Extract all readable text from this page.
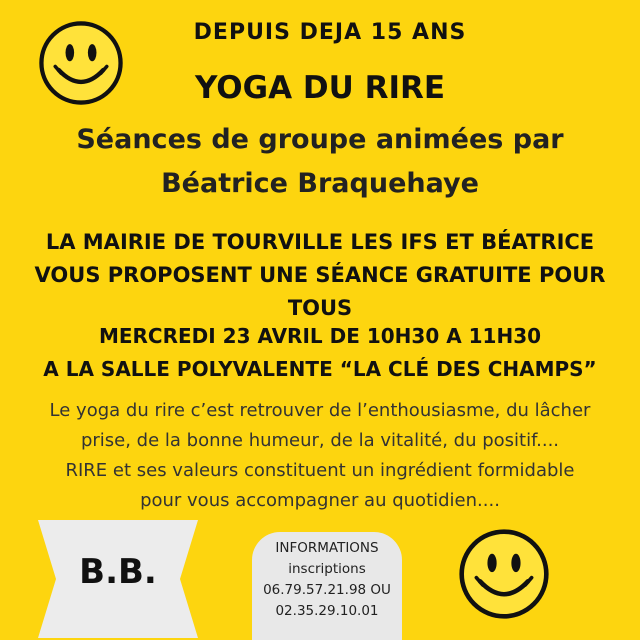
DEPUIS DEJA 15 ANS
YOGA DU RIRE
Séances de groupe animées par
Béatrice Braquehaye
LA MAIRIE DE TOURVILLE LES IFS ET BÉATRICE
VOUS PROPOSENT UNE SÉANCE GRATUITE POUR
TOUS
MERCREDI 23 AVRIL DE 10H30 A 11H30
A LA SALLE POLYVALENTE “LA CLÉ DES CHAMPS”
Le yoga du rire c’est retrouver de l’enthousiasme, du lâcher
prise, de la bonne humeur, de la vitalité, du positif....
RIRE et ses valeurs constituent un ingrédient formidable
pour vous accompagner au quotidien....
B.B.
INFORMATIONS
inscriptions
06.79.57.21.98 OU
02.35.29.10.01
